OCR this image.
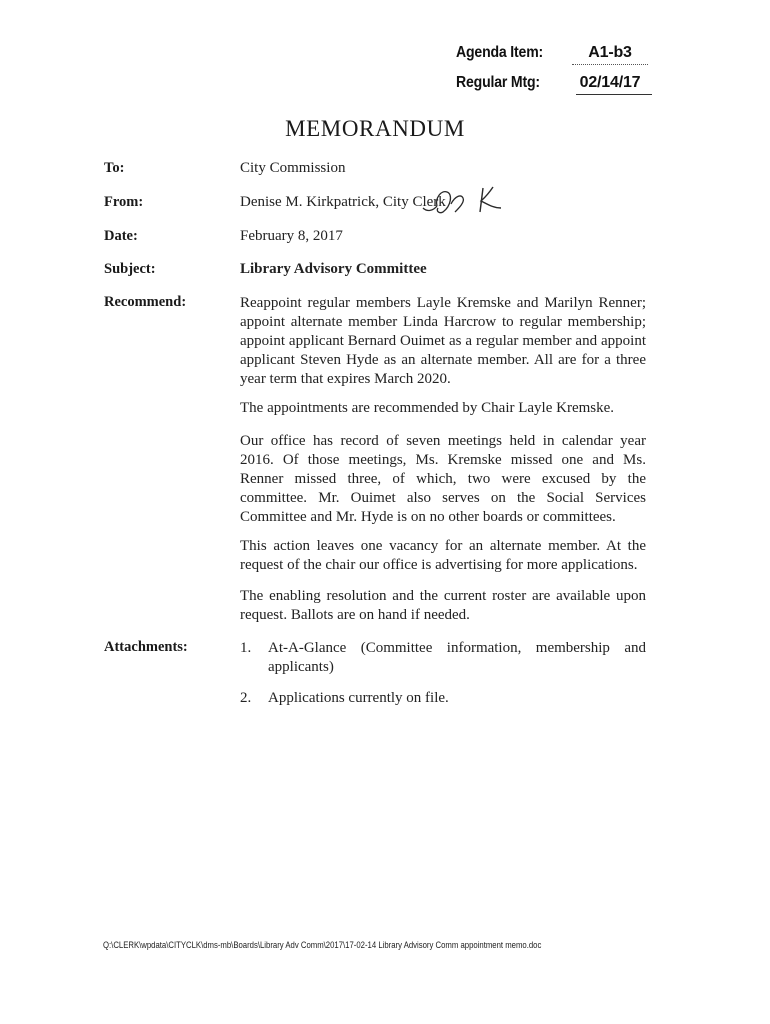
Agenda Item:	A1-b3
Regular Mtg:	02/14/17
MEMORANDUM
To:	City Commission
From:	Denise M. Kirkpatrick, City Clerk
Date:	February 8, 2017
Subject:	Library Advisory Committee
Recommend:	Reappoint regular members Layle Kremske and Marilyn Renner;
appoint alternate member Linda Harcrow to regular membership;
appoint applicant Bernard Ouimet as a regular member and appoint
applicant Steven Hyde as an alternate member. All are for a three
year term that expires March 2020.
The appointments are recommended by Chair Layle Kremske.
Our office has record of seven meetings held in calendar year
2016. Of those meetings, Ms. Kremske missed one and Ms.
Renner missed three, of which, two were excused by the
committee. Mr. Ouimet also serves on the Social Services
Committee and Mr. Hyde is on no other boards or committees.
This action leaves one vacancy for an alternate member. At the
request of the chair our office is advertising for more applications.
The enabling resolution and the current roster are available upon
request. Ballots are on hand if needed.
Attachments:	1. At-A-Glance (Committee information, membership and
applicants)
2. Applications currently on file.
Q:\CLERK\wpdata\CITYCLK\dms-mb\Boards\Library Adv Comm\2017\17-02-14 Library Advisory Comm appointment memo.doc
